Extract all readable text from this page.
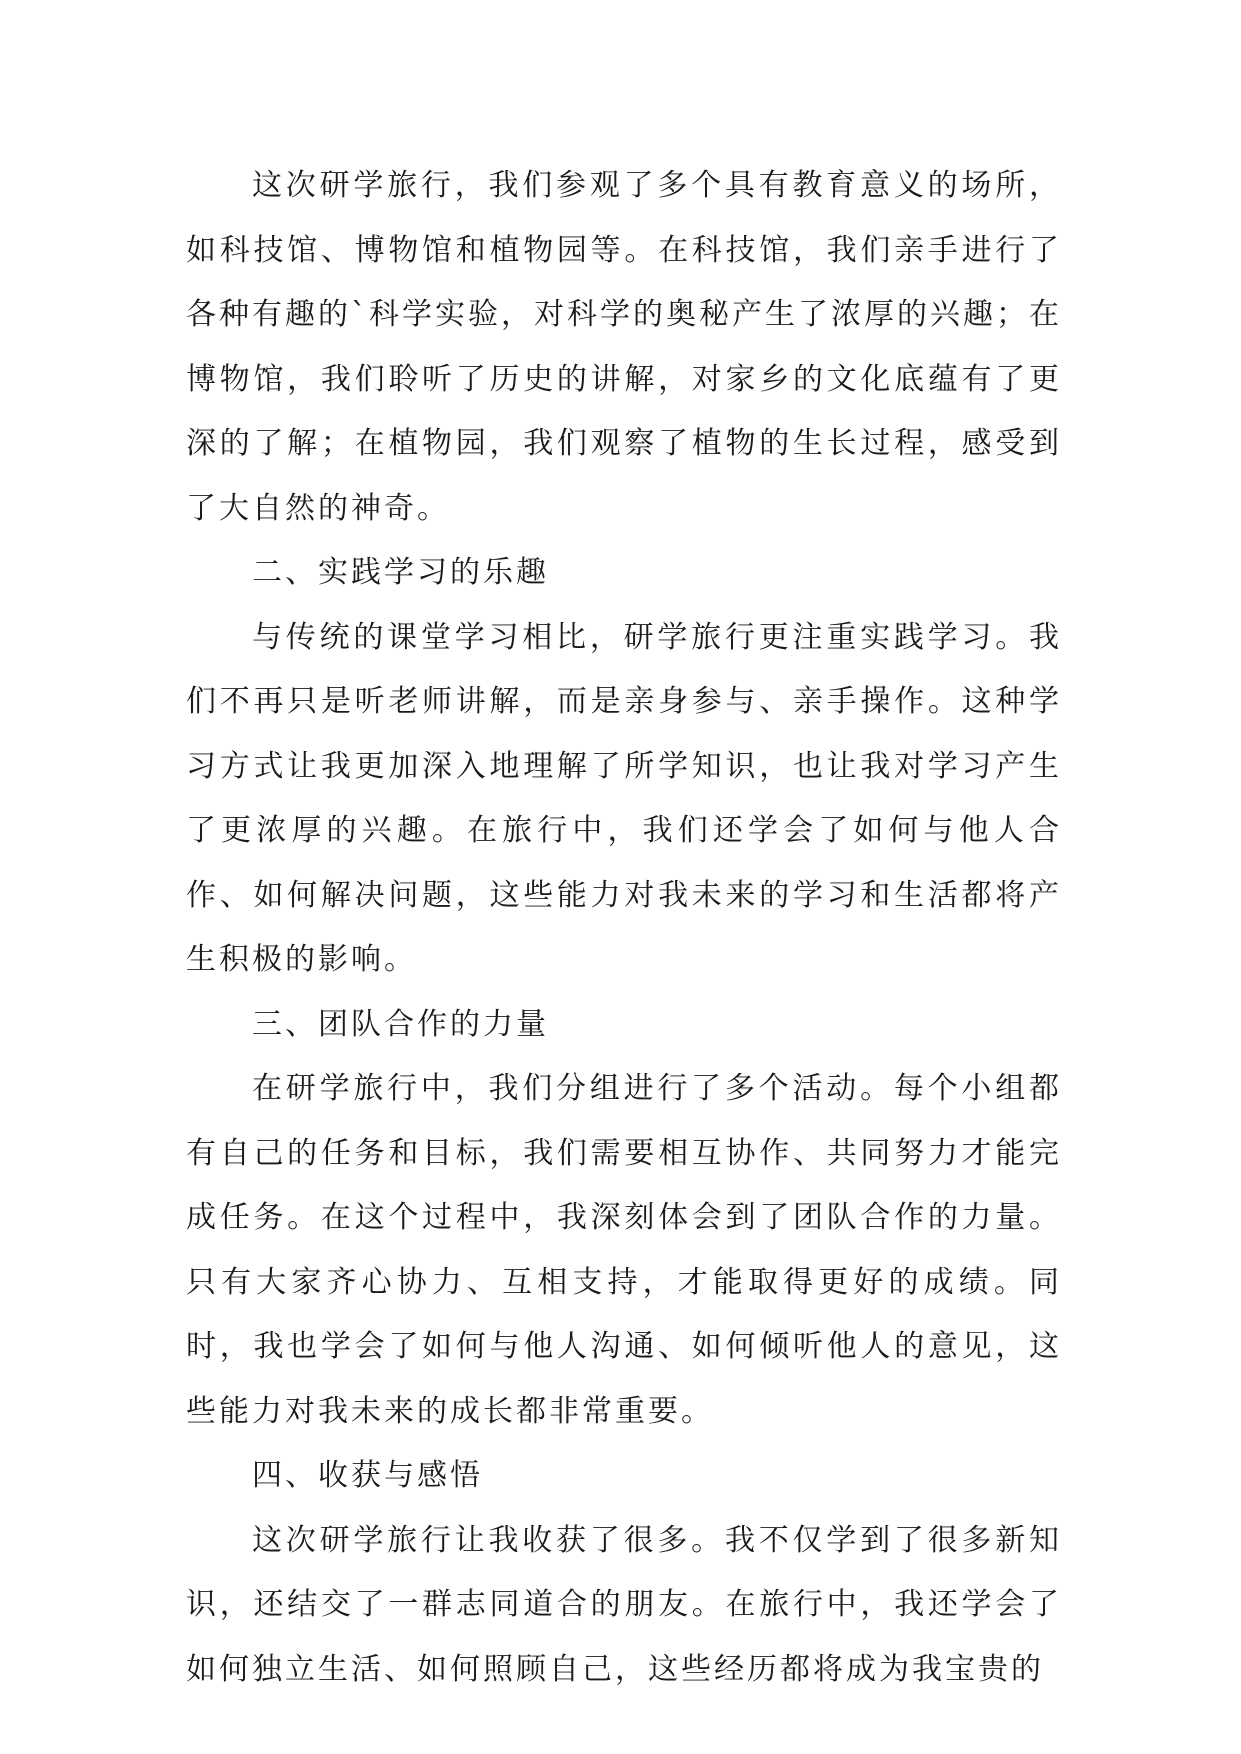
这次研学旅行，我们参观了多个具有教育意义的场所，如科技馆、博物馆和植物园等。在科技馆，我们亲手进行了各种有趣的`科学实验，对科学的奥秘产生了浓厚的兴趣；在博物馆，我们聆听了历史的讲解，对家乡的文化底蕴有了更深的了解；在植物园，我们观察了植物的生长过程，感受到了大自然的神奇。

二、实践学习的乐趣

与传统的课堂学习相比，研学旅行更注重实践学习。我们不再只是听老师讲解，而是亲身参与、亲手操作。这种学习方式让我更加深入地理解了所学知识，也让我对学习产生了更浓厚的兴趣。在旅行中，我们还学会了如何与他人合作、如何解决问题，这些能力对我未来的学习和生活都将产生积极的影响。

三、团队合作的力量

在研学旅行中，我们分组进行了多个活动。每个小组都有自己的任务和目标，我们需要相互协作、共同努力才能完成任务。在这个过程中，我深刻体会到了团队合作的力量。只有大家齐心协力、互相支持，才能取得更好的成绩。同时，我也学会了如何与他人沟通、如何倾听他人的意见，这些能力对我未来的成长都非常重要。

四、收获与感悟

这次研学旅行让我收获了很多。我不仅学到了很多新知识，还结交了一群志同道合的朋友。在旅行中，我还学会了如何独立生活、如何照顾自己，这些经历都将成为我宝贵的
